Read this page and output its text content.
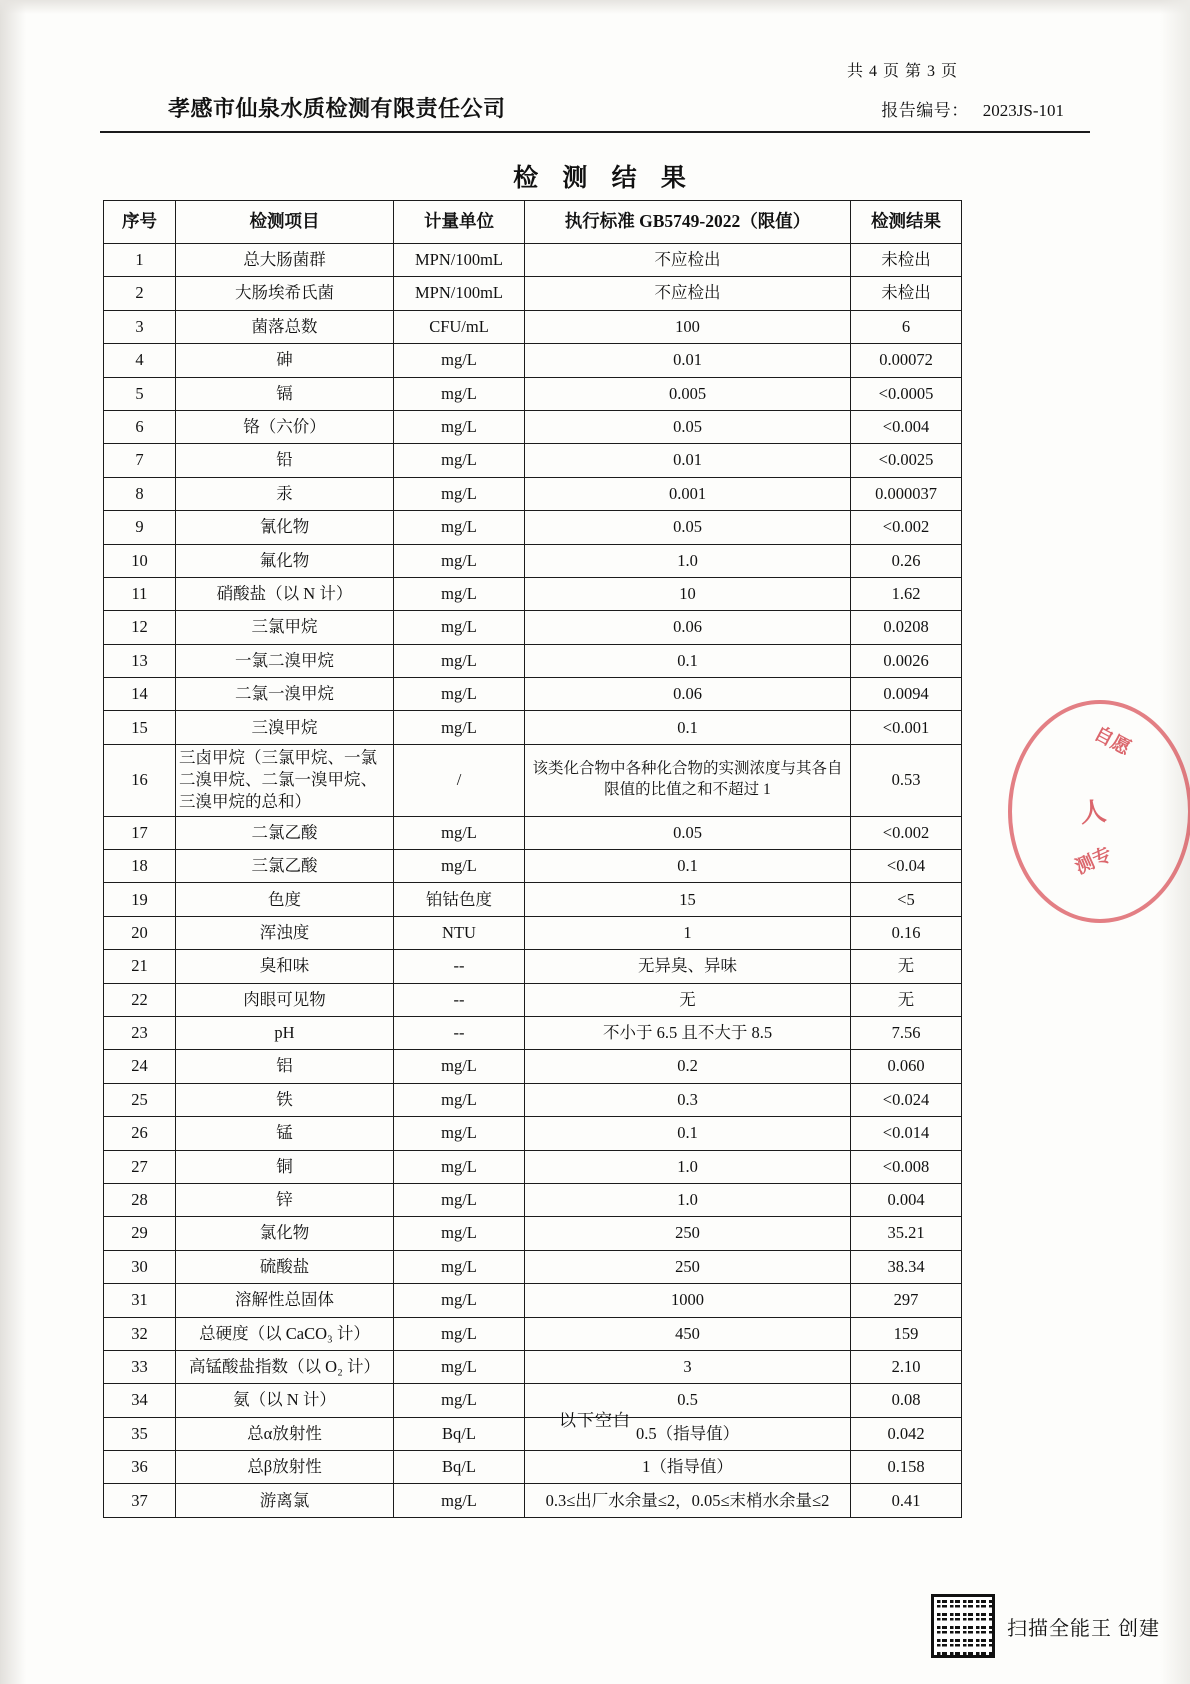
共 4 页 第 3 页
孝感市仙泉水质检测有限责任公司	报告编号： 2023JS-101
检 测 结 果
序号	检测项目	计量单位	执行标准 GB5749-2022（限值）	检测结果
1	总大肠菌群	MPN/100mL	不应检出	未检出
2	大肠埃希氏菌	MPN/100mL	不应检出	未检出
3	菌落总数	CFU/mL	100	6
4	砷	mg/L	0.01	0.00072
5	镉	mg/L	0.005	<0.0005
6	铬（六价）	mg/L	0.05	<0.004
7	铅	mg/L	0.01	<0.0025
8	汞	mg/L	0.001	0.000037
9	氰化物	mg/L	0.05	<0.002
10	氟化物	mg/L	1.0	0.26
11	硝酸盐（以 N 计）	mg/L	10	1.62
12	三氯甲烷	mg/L	0.06	0.0208
13	一氯二溴甲烷	mg/L	0.1	0.0026
14	二氯一溴甲烷	mg/L	0.06	0.0094
15	三溴甲烷	mg/L	0.1	<0.001
16	三卤甲烷（三氯甲烷、一氯二溴甲烷、二氯一溴甲烷、三溴甲烷的总和）	/	该类化合物中各种化合物的实测浓度与其各自限值的比值之和不超过 1	0.53
17	二氯乙酸	mg/L	0.05	<0.002
18	三氯乙酸	mg/L	0.1	<0.04
19	色度	铂钴色度	15	<5
20	浑浊度	NTU	1	0.16
21	臭和味	--	无异臭、异味	无
22	肉眼可见物	--	无	无
23	pH	--	不小于 6.5 且不大于 8.5	7.56
24	铝	mg/L	0.2	0.060
25	铁	mg/L	0.3	<0.024
26	锰	mg/L	0.1	<0.014
27	铜	mg/L	1.0	<0.008
28	锌	mg/L	1.0	0.004
29	氯化物	mg/L	250	35.21
30	硫酸盐	mg/L	250	38.34
31	溶解性总固体	mg/L	1000	297
32	总硬度（以 CaCO₃ 计）	mg/L	450	159
33	高锰酸盐指数（以 O₂ 计）	mg/L	3	2.10
34	氨（以 N 计）	mg/L	0.5	0.08
35	总α放射性	Bq/L	0.5（指导值）	0.042
36	总β放射性	Bq/L	1（指导值）	0.158
37	游离氯	mg/L	0.3≤出厂水余量≤2，0.05≤末梢水余量≤2	0.41
以下空白
自愿
人
测专
扫描全能王 创建
